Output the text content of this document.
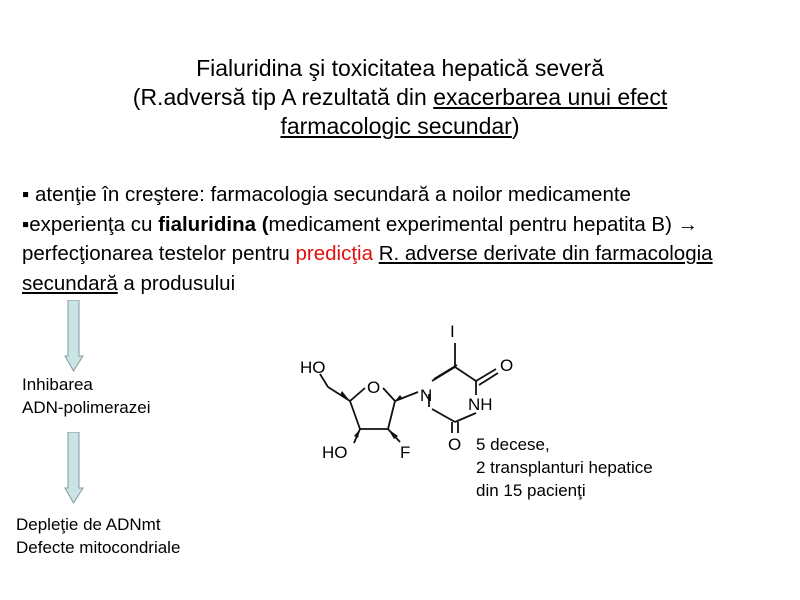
Fialuridina şi toxicitatea hepatică severă
(R.adversă tip A rezultată din exacerbarea unui efect
farmacologic secundar)
▪ atenţie în creştere: farmacologia secundară a noilor medicamente
▪experienţa cu fialuridina (medicament experimental pentru hepatita B) → perfecţionarea testelor pentru predicţia R. adverse derivate din farmacologia secundară a produsului
Inhibarea
ADN-polimerazei
Depleţie de ADNmt
Defecte mitocondriale
HO
O N
I
O
NH
O
HO	F	5 decese,
2 transplanturi hepatice
din 15 pacienţi
